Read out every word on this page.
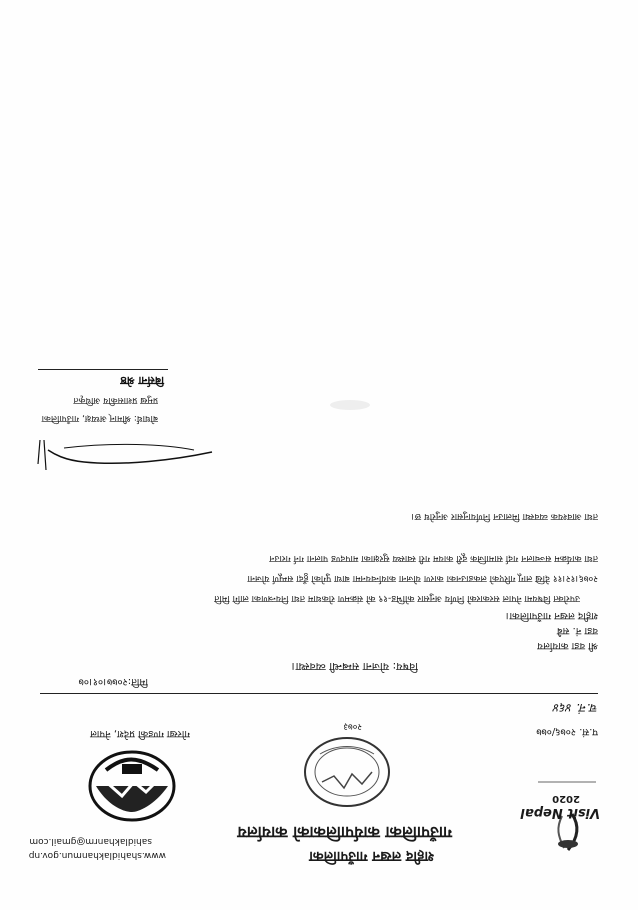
www.shahidlakhanmun.gov.np
sahidlakhanrm@gmail.com
Visit Nepal
2020
शहीद लखन गाउँपालिका
गाउँपालिका कार्यपालिकाको कार्यालय
२०७३
गण्डकी प्रदेश, नेपाल गोरखा	प.सं. २०७६/०७७
च.नं. ४६४
मिति:२०७७।०१।०७
विषय: योजना सम्बन्धी व्यवस्था।
श्री वडा कार्यालय
वडा नं. सबै
शहीद लखन गाउँपालिका।
उपरोक्त विषयमा नेपाल सरकारको निर्णय अनुसार कोभिड-१९ को संक्रमण रोकथाम तथा नियन्त्रणका लागि मिति
२०७६।१२।११ देखि लागू गरिएको लकडाउनका कारण योजना कार्यान्वयनमा बाधा पुगेको हुँदा सम्पूर्ण योजना
तथा कार्यक्रम सञ्चालन गर्दा सामाजिक दूरी कायम गरी स्वास्थ्य सुरक्षाका मापदण्ड पालना गर्न गराउन
तथा आवश्यक व्यवस्था मिलाउन निर्णयानुसार अनुरोध छ।
बोधार्थ: श्रीमान् अध्यक्ष, गाउँपालिका
प्रमुख प्रशासकीय अधिकृत
बिर्सना श्रेष्ठ
